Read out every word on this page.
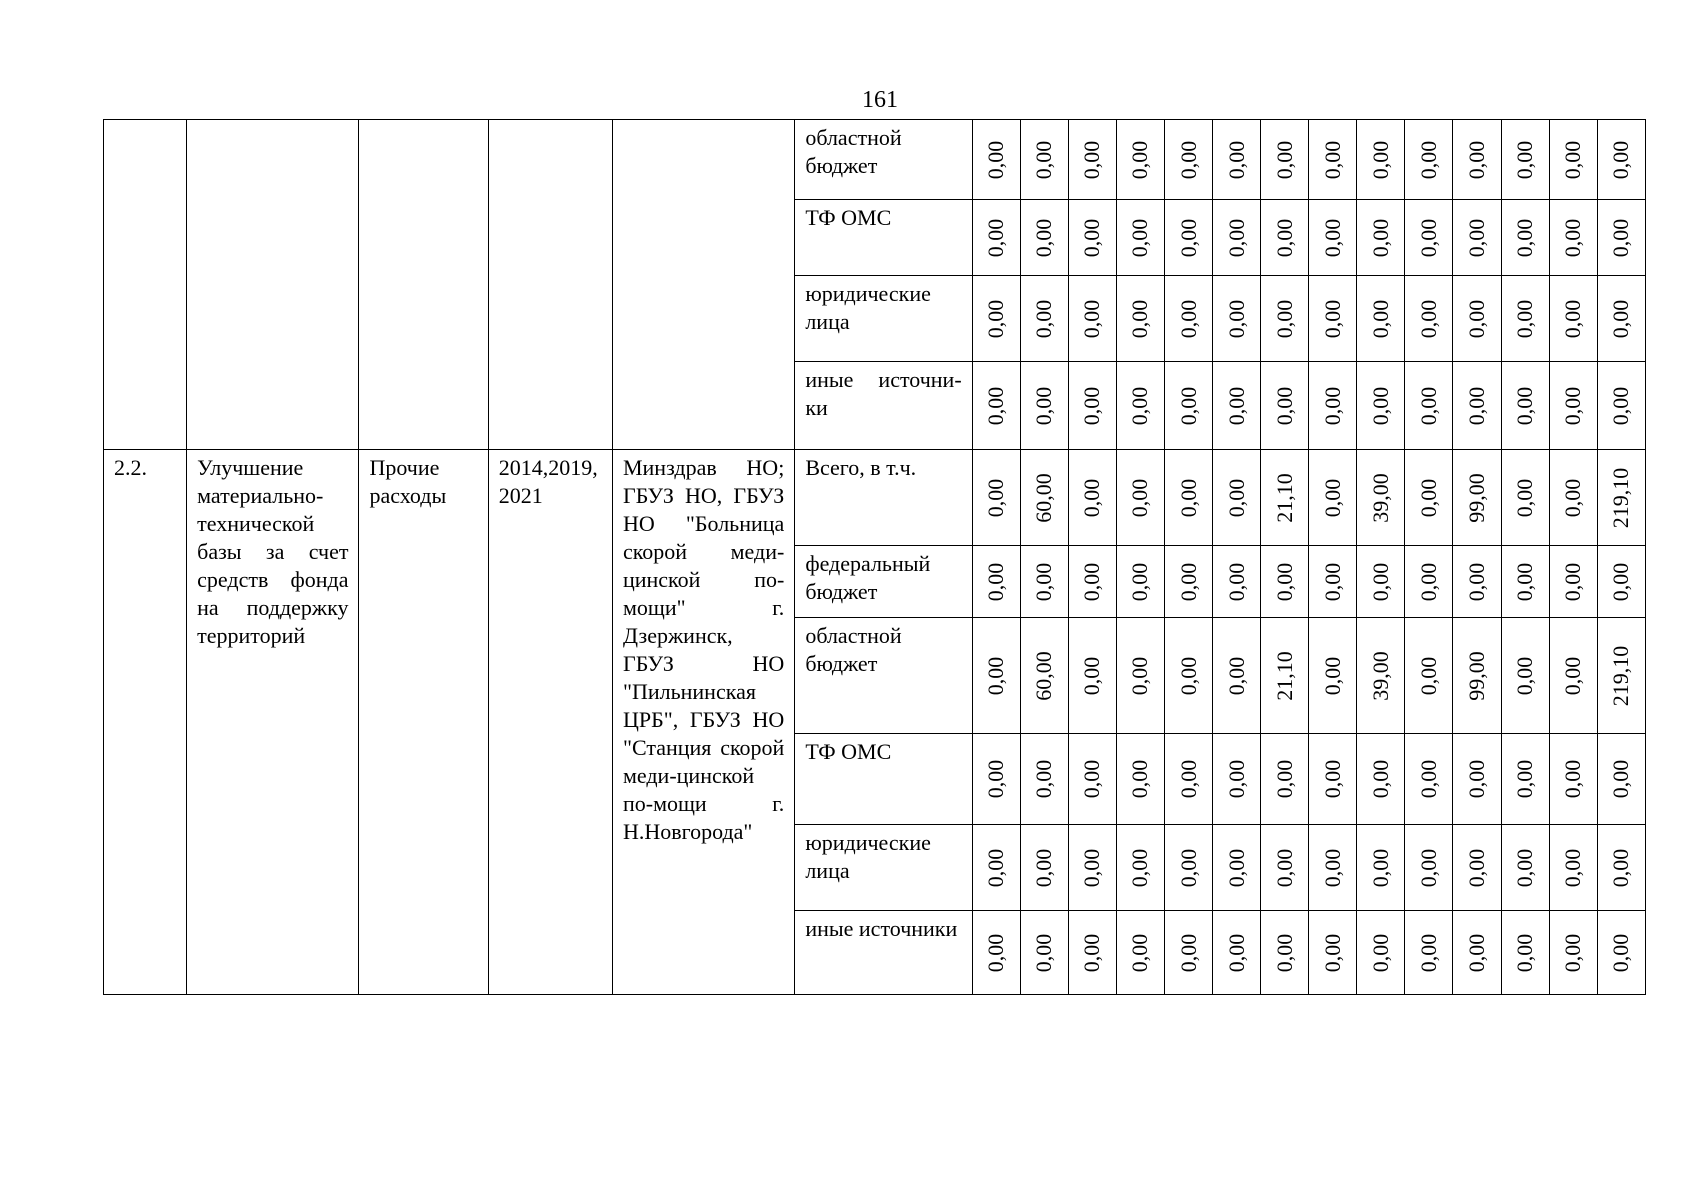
161

					областной бюджет	0,00	0,00	0,00	0,00	0,00	0,00	0,00	0,00	0,00	0,00	0,00	0,00	0,00	0,00

					ТФ ОМС	0,00	0,00	0,00	0,00	0,00	0,00	0,00	0,00	0,00	0,00	0,00	0,00	0,00	0,00

					юридические лица	0,00	0,00	0,00	0,00	0,00	0,00	0,00	0,00	0,00	0,00	0,00	0,00	0,00	0,00

					иные источни-ки	0,00	0,00	0,00	0,00	0,00	0,00	0,00	0,00	0,00	0,00	0,00	0,00	0,00	0,00

2.2.	Улучшение материально-технической базы за счет средств фонда на поддержку территорий	Прочие расходы	2014,2019,2021	Минздрав НО; ГБУЗ НО, ГБУЗ НО "Больница скорой меди-цинской по-мощи" г. Дзержинск, ГБУЗ НО "Пильнинская ЦРБ", ГБУЗ НО "Станция скорой меди-цинской по-мощи г. Н.Новгорода"	Всего, в т.ч.	0,00	60,00	0,00	0,00	0,00	0,00	21,10	0,00	39,00	0,00	99,00	0,00	0,00	219,10

					федеральный бюджет	0,00	0,00	0,00	0,00	0,00	0,00	0,00	0,00	0,00	0,00	0,00	0,00	0,00	0,00

					областной бюджет	0,00	60,00	0,00	0,00	0,00	0,00	21,10	0,00	39,00	0,00	99,00	0,00	0,00	219,10

					ТФ ОМС	0,00	0,00	0,00	0,00	0,00	0,00	0,00	0,00	0,00	0,00	0,00	0,00	0,00	0,00

					юридические лица	0,00	0,00	0,00	0,00	0,00	0,00	0,00	0,00	0,00	0,00	0,00	0,00	0,00	0,00

					иные источники	0,00	0,00	0,00	0,00	0,00	0,00	0,00	0,00	0,00	0,00	0,00	0,00	0,00	0,00
